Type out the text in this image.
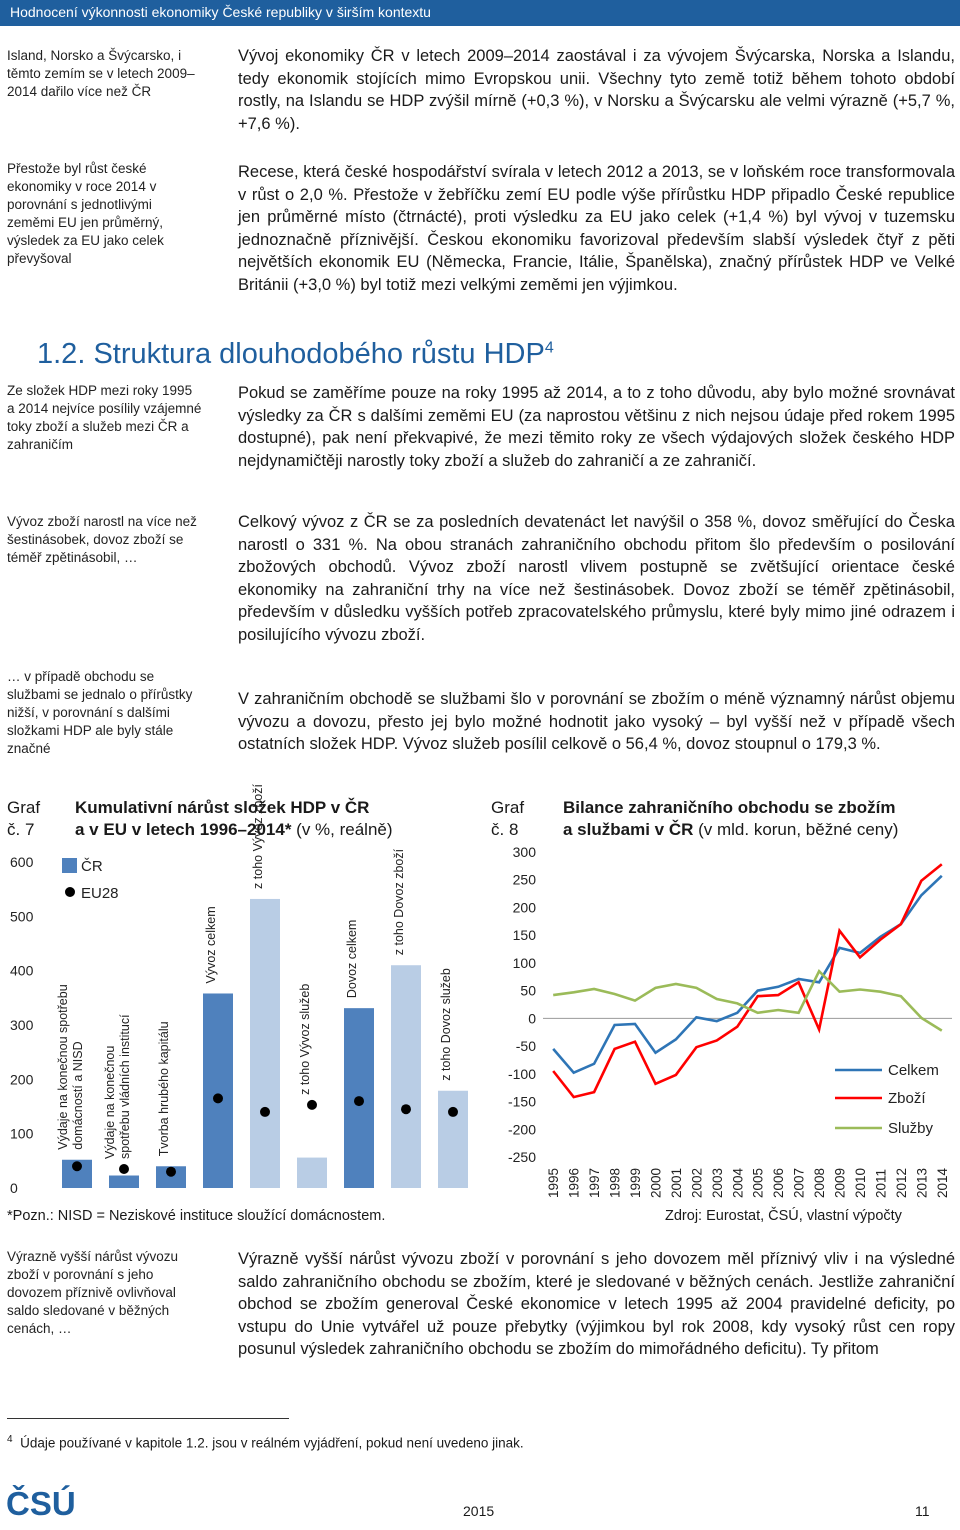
Hodnocení výkonnosti ekonomiky České republiky v širším kontextu
Island, Norsko a Švýcarsko, i těmto zemím se v letech 2009–2014 dařilo více než ČR
Přestože byl růst české ekonomiky v roce 2014 v porovnání s jednotlivými zeměmi EU jen průměrný, výsledek za EU jako celek převyšoval
Ze složek HDP mezi roky 1995 a 2014 nejvíce posílily vzájemné toky zboží a služeb mezi ČR a zahraničím
Vývoz zboží narostl na více než šestinásobek, dovoz zboží se téměř zpětinásobil, …
… v případě obchodu se službami se jednalo o přírůstky nižší, v porovnání s dalšími složkami HDP ale byly stále značné
Výrazně vyšší nárůst vývozu zboží v porovnání s jeho dovozem příznivě ovlivňoval saldo sledované v běžných cenách, …
Vývoj ekonomiky ČR v letech 2009–2014 zaostával i za vývojem Švýcarska, Norska a Islandu, tedy ekonomik stojících mimo Evropskou unii. Všechny tyto země totiž během tohoto období rostly, na Islandu se HDP zvýšil mírně (+0,3 %), v Norsku a Švýcarsku ale velmi výrazně (+5,7 %, +7,6 %).
Recese, která české hospodářství svírala v letech 2012 a 2013, se v loňském roce transformovala v růst o 2,0 %. Přestože v žebříčku zemí EU podle výše přírůstku HDP připadlo České republice jen průměrné místo (čtrnácté), proti výsledku za EU jako celek (+1,4 %) byl vývoj v tuzemsku jednoznačně příznivější. Českou ekonomiku favorizoval především slabší výsledek čtyř z pěti největších ekonomik EU (Německa, Francie, Itálie, Španělska), značný přírůstek HDP ve Velké Británii (+3,0 %) byl totiž mezi velkými zeměmi jen výjimkou.
1.2. Struktura dlouhodobého růstu HDP$^4$
Pokud se zaměříme pouze na roky 1995 až 2014, a to z toho důvodu, aby bylo možné srovnávat výsledky za ČR s dalšími zeměmi EU (za naprostou většinu z nich nejsou údaje před rokem 1995 dostupné), pak není překvapivé, že mezi těmito roky ze všech výdajových složek českého HDP nejdynamičtěji narostly toky zboží a služeb do zahraničí a ze zahraničí.
Celkový vývoz z ČR se za posledních devatenáct let navýšil o 358 %, dovoz směřující do Česka narostl o 331 %. Na obou stranách zahraničního obchodu přitom šlo především o posilování zbožových obchodů. Vývoz zboží narostl vlivem postupně se zvětšující orientace české ekonomiky na zahraniční trhy na více než šestinásobek. Dovoz zboží se téměř zpětinásobil, především v důsledku vyšších potřeb zpracovatelského průmyslu, které byly mimo jiné odrazem i posilujícího vývozu zboží.
V zahraničním obchodě se službami šlo v porovnání se zbožím o méně významný nárůst objemu vývozu a dovozu, přesto jej bylo možné hodnotit jako vysoký – byl vyšší než v případě všech ostatních složek HDP. Vývoz služeb posílil celkově o 56,4 %, dovoz stoupnul o 179,3 %.
Graf
č. 7
Kumulativní nárůst složek HDP v ČR
a v EU v letech 1996–2014* (v %, reálně)
Graf
č. 8
Bilance zahraničního obchodu se zbožím
a službami v ČR (v mld. korun, běžné ceny)
0
100
200
300
400
500
600
Výdaje na konečnou spotřebudomácností a NISD Výdaje na konečnouspotřebu vládních institucí Tvorba hrubého kapitálu
Vývoz celkem
z toho Vývoz zboží
z toho Vývoz služeb
Dovoz celkem
z toho Dovoz zboží
z toho Dovoz služeb
ČR
EU28
300
250
200
150
100
50
0
-50
-100
-150
-200
-250
1995 1996 1997 1998 1999 2000 2001 2002 2003 2004 2005 2006 2007 2008 2009 2010 2011 2012 2013 2014
Celkem
Zboží
Služby
*Pozn.: NISD = Neziskové instituce sloužící domácnostem.	Zdroj: Eurostat, ČSÚ, vlastní výpočty
Výrazně vyšší nárůst vývozu zboží v porovnání s jeho dovozem měl příznivý vliv i na výsledné saldo zahraničního obchodu se zbožím, které je sledované v běžných cenách. Jestliže zahraniční obchod se zbožím generoval České ekonomice v letech 1995 až 2004 pravidelné deficity, po vstupu do Unie vytvářel už pouze přebytky (výjimkou byl rok 2008, kdy vysoký růst cen ropy posunul výsledek zahraničního obchodu se zbožím do mimořádného deficitu). Ty přitom
$^4$ Údaje používané v kapitole 1.2. jsou v reálném vyjádření, pokud není uvedeno jinak.
ČSÚ	2015	11
